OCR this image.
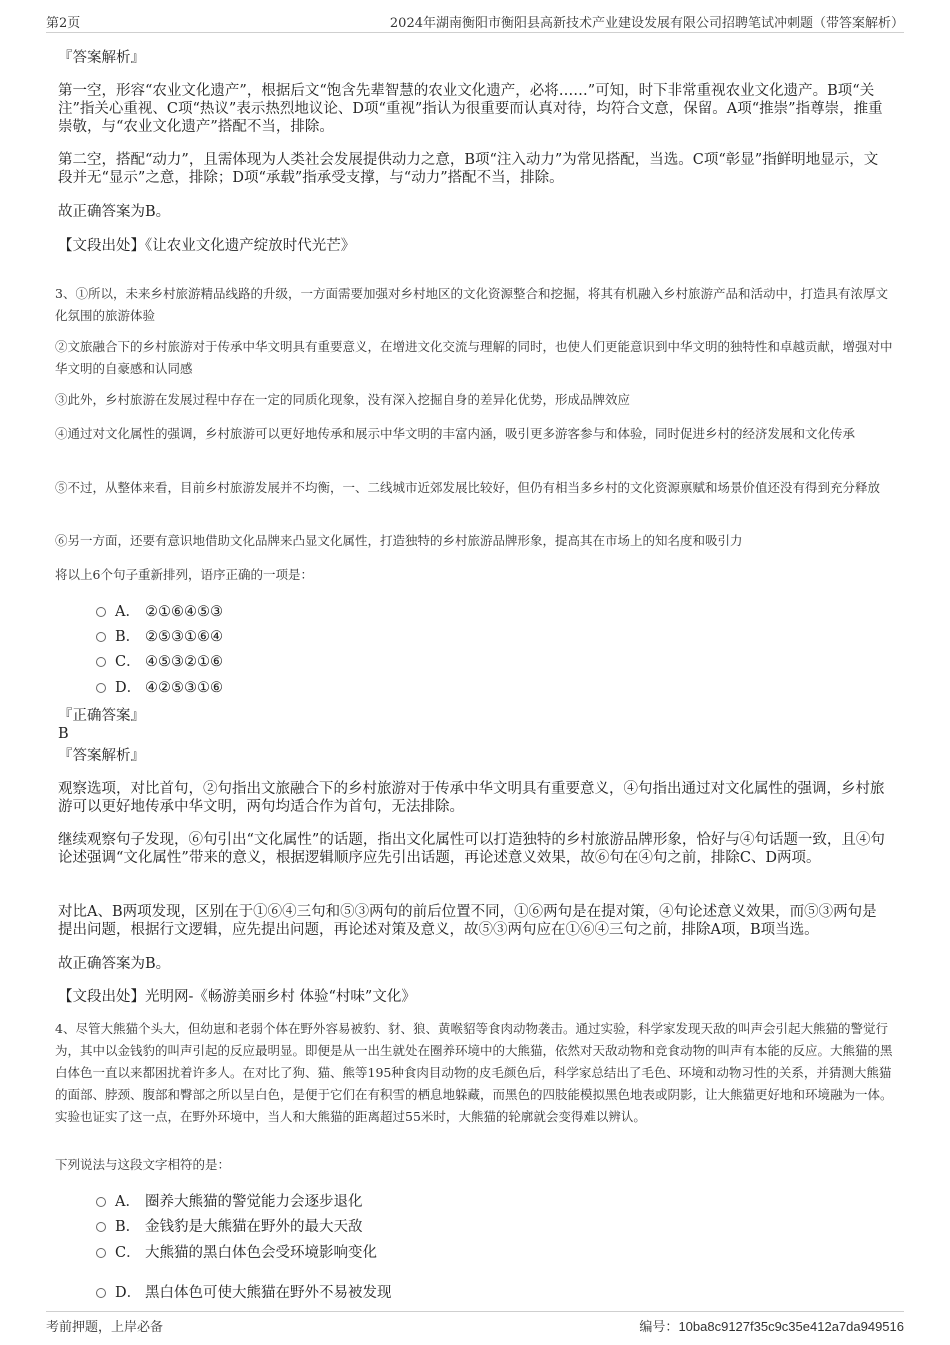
第2页	2024年湖南衡阳市衡阳县高新技术产业建设发展有限公司招聘笔试冲刺题（带答案解析）

『答案解析』

第一空，形容“农业文化遗产”，根据后文“饱含先辈智慧的农业文化遗产，必将……”可知，时下非常重视农业文化遗产。B项“关注”指关心重视、C项“热议”表示热烈地议论、D项“重视”指认为很重要而认真对待，均符合文意，保留。A项“推崇”指尊崇，推重崇敬，与“农业文化遗产”搭配不当，排除。

第二空，搭配“动力”，且需体现为人类社会发展提供动力之意，B项“注入动力”为常见搭配，当选。C项“彰显”指鲜明地显示，文段并无“显示”之意，排除；D项“承载”指承受支撑，与“动力”搭配不当，排除。

故正确答案为B。

【文段出处】《让农业文化遗产绽放时代光芒》

3、①所以，未来乡村旅游精品线路的升级，一方面需要加强对乡村地区的文化资源整合和挖掘，将其有机融入乡村旅游产品和活动中，打造具有浓厚文化氛围的旅游体验

②文旅融合下的乡村旅游对于传承中华文明具有重要意义，在增进文化交流与理解的同时，也使人们更能意识到中华文明的独特性和卓越贡献，增强对中华文明的自豪感和认同感

③此外，乡村旅游在发展过程中存在一定的同质化现象，没有深入挖掘自身的差异化优势，形成品牌效应

④通过对文化属性的强调，乡村旅游可以更好地传承和展示中华文明的丰富内涵，吸引更多游客参与和体验，同时促进乡村的经济发展和文化传承

⑤不过，从整体来看，目前乡村旅游发展并不均衡，一、二线城市近郊发展比较好，但仍有相当多乡村的文化资源禀赋和场景价值还没有得到充分释放

⑥另一方面，还要有意识地借助文化品牌来凸显文化属性，打造独特的乡村旅游品牌形象，提高其在市场上的知名度和吸引力

将以上6个句子重新排列，语序正确的一项是：

A． ②①⑥④⑤③
B． ②⑤③①⑥④
C． ④⑤③②①⑥
D． ④②⑤③①⑥

『正确答案』

B

『答案解析』

观察选项，对比首句，②句指出文旅融合下的乡村旅游对于传承中华文明具有重要意义，④句指出通过对文化属性的强调，乡村旅游可以更好地传承中华文明，两句均适合作为首句，无法排除。

继续观察句子发现，⑥句引出“文化属性”的话题，指出文化属性可以打造独特的乡村旅游品牌形象，恰好与④句话题一致，且④句论述强调“文化属性”带来的意义，根据逻辑顺序应先引出话题，再论述意义效果，故⑥句在④句之前，排除C、D两项。

对比A、B两项发现，区别在于①⑥④三句和⑤③两句的前后位置不同，①⑥两句是在提对策，④句论述意义效果，而⑤③两句是提出问题，根据行文逻辑，应先提出问题，再论述对策及意义，故⑤③两句应在①⑥④三句之前，排除A项，B项当选。

故正确答案为B。

【文段出处】光明网-《畅游美丽乡村 体验“村味”文化》

4、尽管大熊猫个头大，但幼崽和老弱个体在野外容易被豹、豺、狼、黄喉貂等食肉动物袭击。通过实验，科学家发现天敌的叫声会引起大熊猫的警觉行为，其中以金钱豹的叫声引起的反应最明显。即便是从一出生就处在圈养环境中的大熊猫，依然对天敌动物和竞食动物的叫声有本能的反应。大熊猫的黑白体色一直以来都困扰着许多人。在对比了狗、猫、熊等195种食肉目动物的皮毛颜色后，科学家总结出了毛色、环境和动物习性的关系，并猜测大熊猫的面部、脖颈、腹部和臀部之所以呈白色，是便于它们在有积雪的栖息地躲藏，而黑色的四肢能模拟黑色地表或阴影，让大熊猫更好地和环境融为一体。实验也证实了这一点，在野外环境中，当人和大熊猫的距离超过55米时，大熊猫的轮廓就会变得难以辨认。

下列说法与这段文字相符的是：

A． 圈养大熊猫的警觉能力会逐步退化
B． 金钱豹是大熊猫在野外的最大天敌
C． 大熊猫的黑白体色会受环境影响变化
D． 黑白体色可使大熊猫在野外不易被发现
考前押题，上岸必备	编号：10ba8c9127f35c9c35e412a7da949516
